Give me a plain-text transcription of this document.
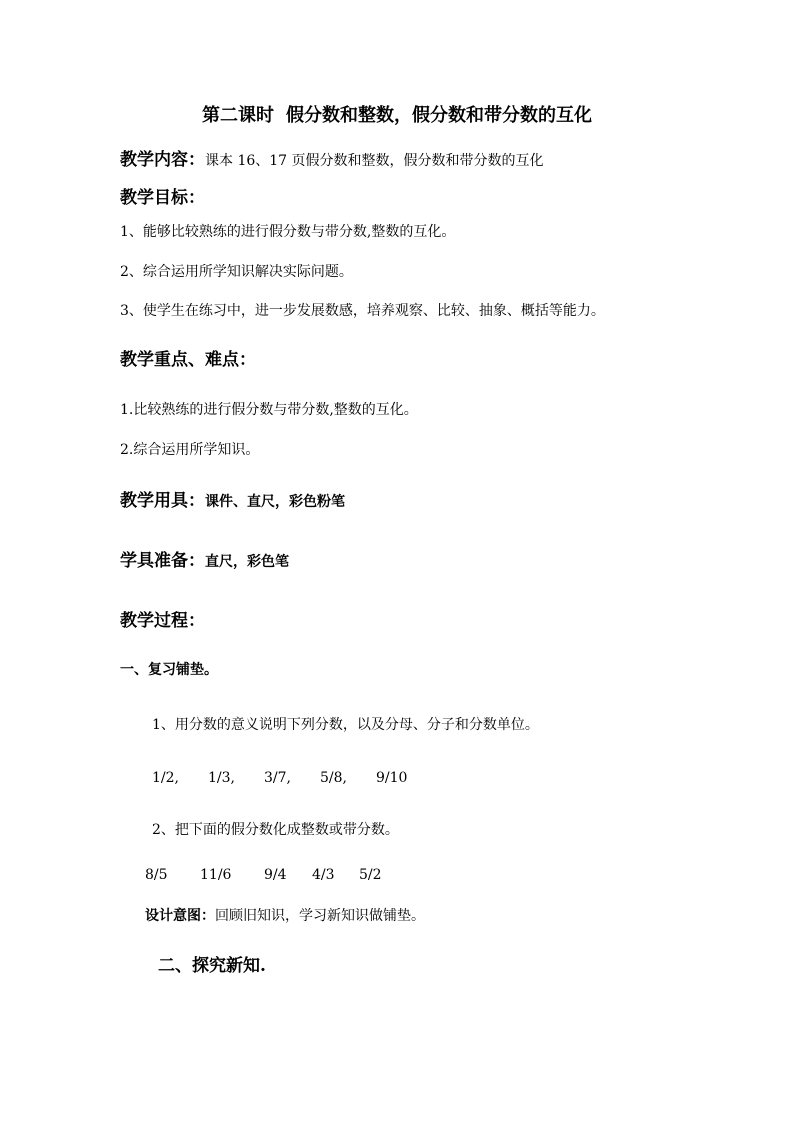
第二课时 假分数和整数，假分数和带分数的互化
教学内容：课本 16、17 页假分数和整数，假分数和带分数的互化
教学目标：
1、能够比较熟练的进行假分数与带分数,整数的互化。
2、综合运用所学知识解决实际问题。
3、使学生在练习中，进一步发展数感，培养观察、比较、抽象、概括等能力。
教学重点、难点：
1.比较熟练的进行假分数与带分数,整数的互化。
2.综合运用所学知识。
教学用具：课件、直尺，彩色粉笔
学具准备：直尺，彩色笔
教学过程：
一、复习铺垫。
1、用分数的意义说明下列分数，以及分母、分子和分数单位。
1/2, 1/3, 3/7, 5/8, 9/10
2、把下面的假分数化成整数或带分数。
8/5 11/6 9/4 4/3 5/2
设计意图：回顾旧知识，学习新知识做铺垫。
二、探究新知.
